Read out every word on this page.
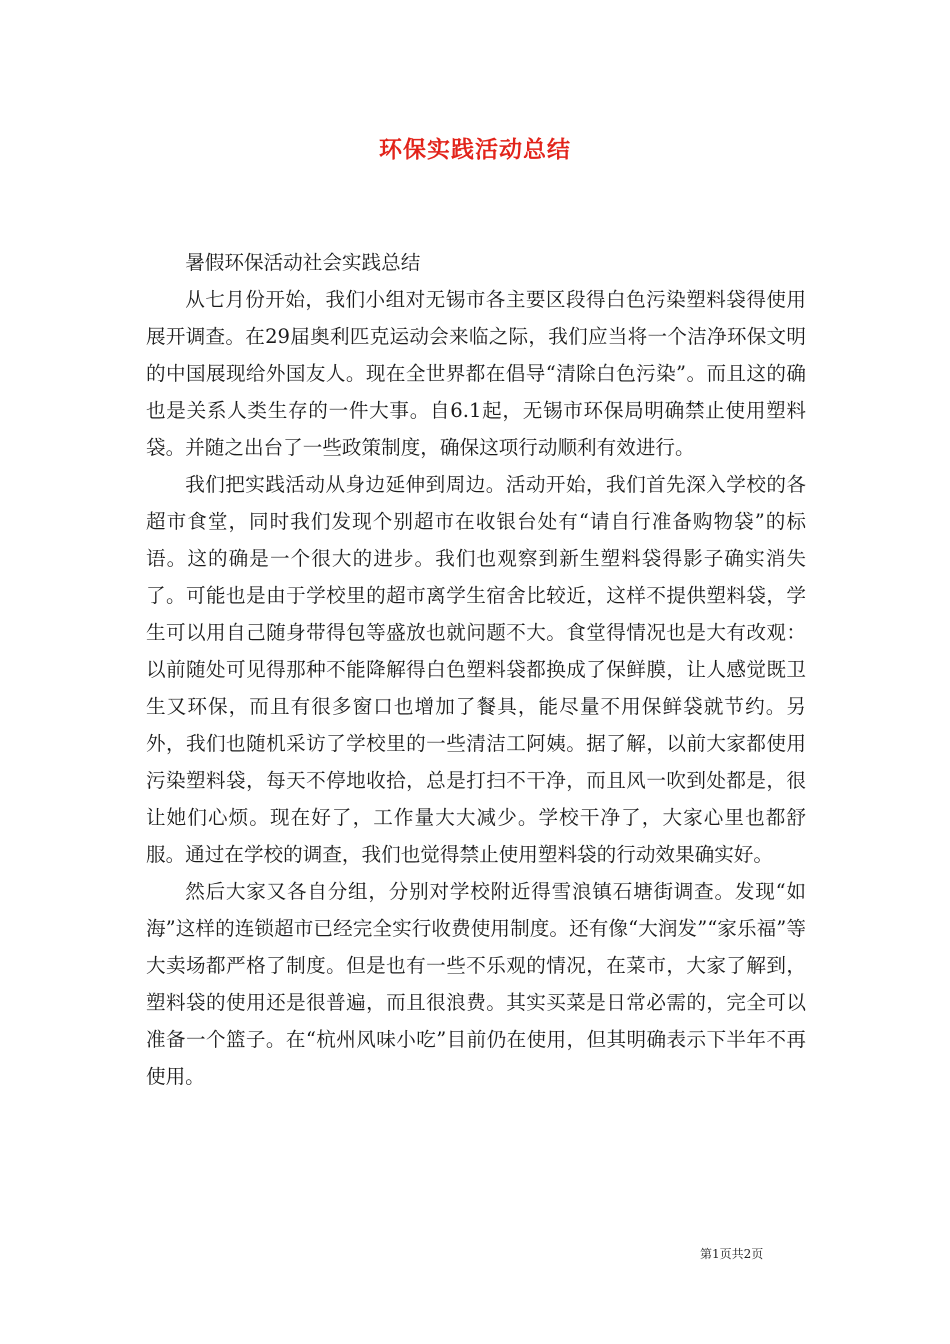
环保实践活动总结

暑假环保活动社会实践总结

从七月份开始，我们小组对无锡市各主要区段得白色污染塑料袋得使用展开调查。在29届奥利匹克运动会来临之际，我们应当将一个洁净环保文明的中国展现给外国友人。现在全世界都在倡导“清除白色污染”。而且这的确也是关系人类生存的一件大事。自6.1起，无锡市环保局明确禁止使用塑料袋。并随之出台了一些政策制度，确保这项行动顺利有效进行。

我们把实践活动从身边延伸到周边。活动开始，我们首先深入学校的各超市食堂，同时我们发现个别超市在收银台处有“请自行准备购物袋”的标语。这的确是一个很大的进步。我们也观察到新生塑料袋得影子确实消失了。可能也是由于学校里的超市离学生宿舍比较近，这样不提供塑料袋，学生可以用自己随身带得包等盛放也就问题不大。食堂得情况也是大有改观：以前随处可见得那种不能降解得白色塑料袋都换成了保鲜膜，让人感觉既卫生又环保，而且有很多窗口也增加了餐具，能尽量不用保鲜袋就节约。另外，我们也随机采访了学校里的一些清洁工阿姨。据了解，以前大家都使用污染塑料袋，每天不停地收拾，总是打扫不干净，而且风一吹到处都是，很让她们心烦。现在好了，工作量大大减少。学校干净了，大家心里也都舒服。通过在学校的调查，我们也觉得禁止使用塑料袋的行动效果确实好。

然后大家又各自分组，分别对学校附近得雪浪镇石塘街调查。发现“如海”这样的连锁超市已经完全实行收费使用制度。还有像“大润发”“家乐福”等大卖场都严格了制度。但是也有一些不乐观的情况，在菜市，大家了解到，塑料袋的使用还是很普遍，而且很浪费。其实买菜是日常必需的，完全可以准备一个篮子。在“杭州风味小吃”目前仍在使用，但其明确表示下半年不再使用。

第1页共2页
